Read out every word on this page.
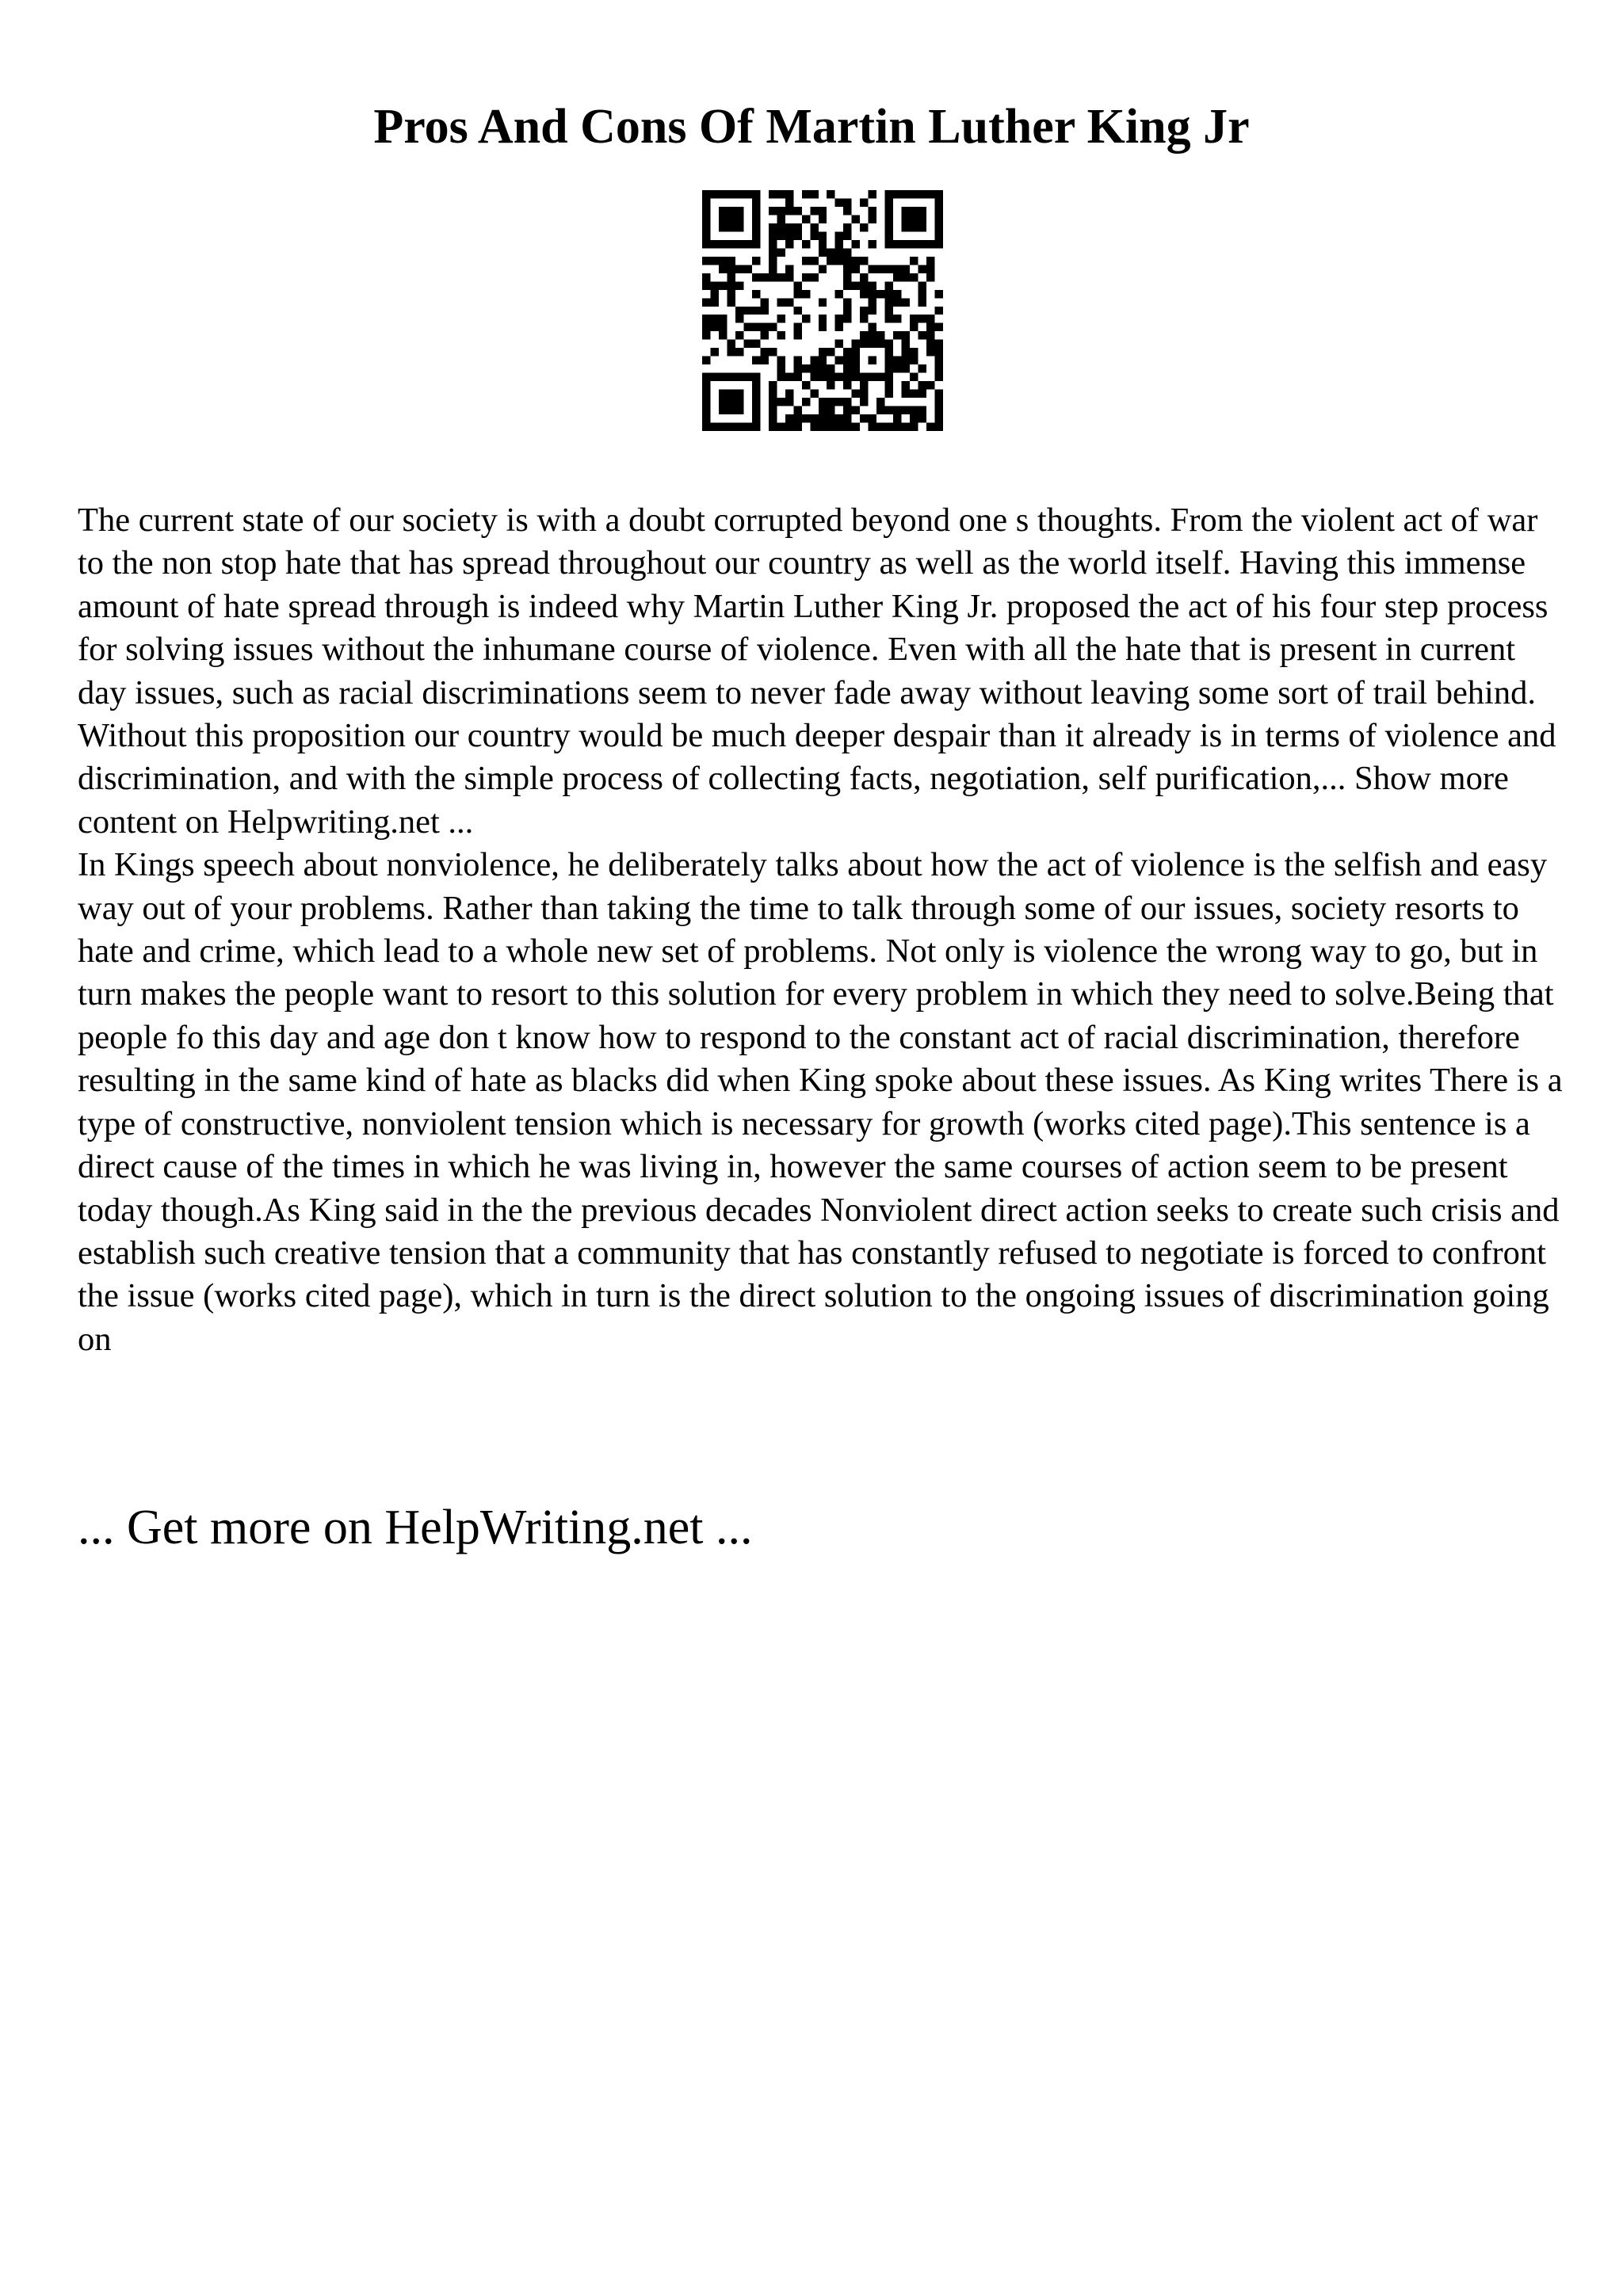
Pros And Cons Of Martin Luther King Jr

The current state of our society is with a doubt corrupted beyond one s thoughts. From the violent act of war to the non stop hate that has spread throughout our country as well as the world itself. Having this immense amount of hate spread through is indeed why Martin Luther King Jr. proposed the act of his four step process for solving issues without the inhumane course of violence. Even with all the hate that is present in current day issues, such as racial discriminations seem to never fade away without leaving some sort of trail behind. Without this proposition our country would be much deeper despair than it already is in terms of violence and discrimination, and with the simple process of collecting facts, negotiation, self purification,... Show more content on Helpwriting.net ...

In Kings speech about nonviolence, he deliberately talks about how the act of violence is the selfish and easy way out of your problems. Rather than taking the time to talk through some of our issues, society resorts to hate and crime, which lead to a whole new set of problems. Not only is violence the wrong way to go, but in turn makes the people want to resort to this solution for every problem in which they need to solve.Being that people fo this day and age don t know how to respond to the constant act of racial discrimination, therefore resulting in the same kind of hate as blacks did when King spoke about these issues. As King writes There is a type of constructive, nonviolent tension which is necessary for growth (works cited page).This sentence is a direct cause of the times in which he was living in, however the same courses of action seem to be present today though.As King said in the the previous decades Nonviolent direct action seeks to create such crisis and establish such creative tension that a community that has constantly refused to negotiate is forced to confront the issue (works cited page), which in turn is the direct solution to the ongoing issues of discrimination going on

... Get more on HelpWriting.net ...
